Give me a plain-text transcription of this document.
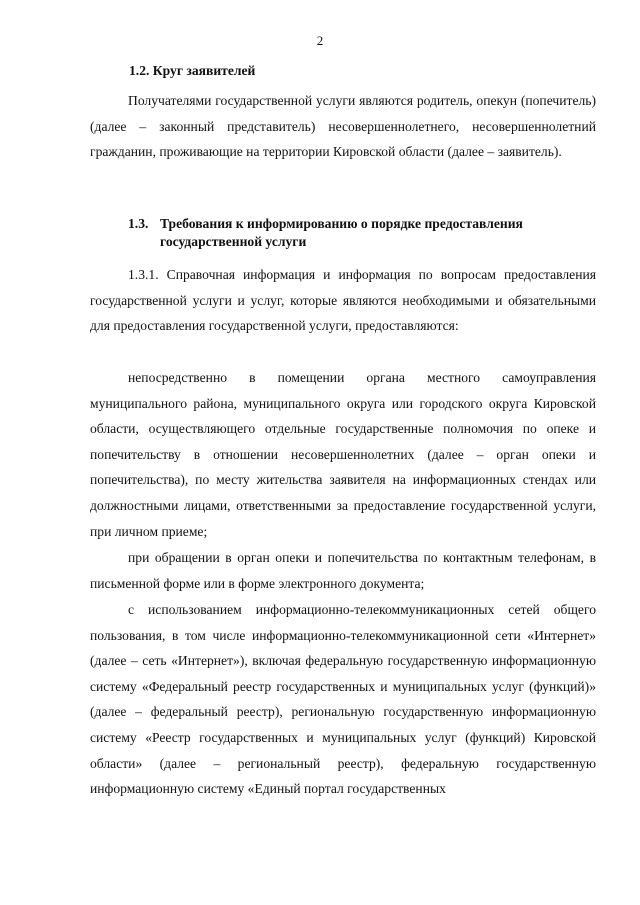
2
1.2. Круг заявителей

Получателями государственной услуги являются родитель, опекун (попечитель) (далее – законный представитель) несовершеннолетнего, несовершеннолетний гражданин, проживающие на территории Кировской области (далее – заявитель).

1.3. Требования к информированию о порядке предоставления
государственной услуги

1.3.1. Справочная информация и информация по вопросам предоставления государственной услуги и услуг, которые являются необходимыми и обязательными для предоставления государственной услуги, предоставляются:

непосредственно в помещении органа местного самоуправления муниципального района, муниципального округа или городского округа Кировской области, осуществляющего отдельные государственные полномочия по опеке и попечительству в отношении несовершеннолетних (далее – орган опеки и попечительства), по месту жительства заявителя на информационных стендах или должностными лицами, ответственными за предоставление государственной услуги, при личном приеме;

при обращении в орган опеки и попечительства по контактным телефонам, в письменной форме или в форме электронного документа;

с использованием информационно-телекоммуникационных сетей общего пользования, в том числе информационно-телекоммуникационной сети «Интернет» (далее – сеть «Интернет»), включая федеральную государственную информационную систему «Федеральный реестр государственных и муниципальных услуг (функций)» (далее – федеральный реестр), региональную государственную информационную систему «Реестр государственных и муниципальных услуг (функций) Кировской области» (далее – региональный реестр), федеральную государственную информационную систему «Единый портал государственных
